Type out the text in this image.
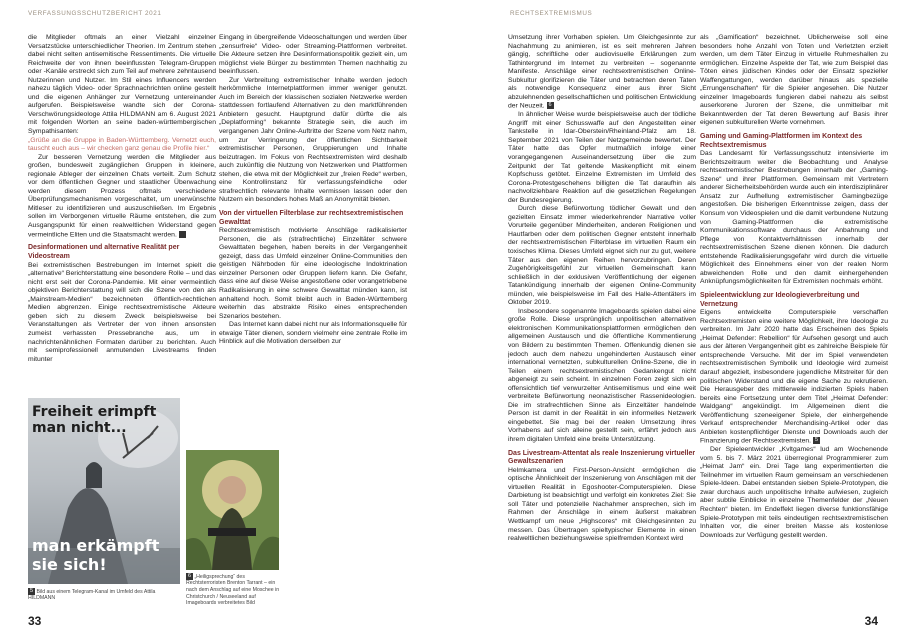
VERFASSUNGSSCHUTZBERICHT 2021

die Mitglieder oftmals an einer Vielzahl einzelner Versatzstücke unterschiedlicher Theorien. Im Zentrum stehen dabei nicht selten antisemitische Ressentiments. Die virtuelle Reichweite der von ihnen beeinflussten Telegram-Gruppen oder -Kanäle erstreckt sich zum Teil auf mehrere zehntausend Nutzerinnen und Nutzer. Im Stil eines Influencers werden nahezu täglich Video- oder Sprachnachrichten online gestellt und die eigenen Anhänger zur Vernetzung untereinander aufgerufen. Beispielsweise wandte sich der Corona-Verschwörungsideologe Attila HILDMANN am 6. August 2021 mit folgenden Worten an seine baden-württembergischen Sympathisanten:

„Grüße an die Gruppe in Baden-Württemberg. Vernetzt euch, tauscht euch aus – wir checken ganz genau die Profile hier.“

Zur besseren Vernetzung werden die Mitglieder aus großen, bundesweit zugänglichen Gruppen in kleinere, regionale Ableger der einzelnen Chats verteilt. Zum Schutz vor dem öffentlichen Gegner und staatlicher Überwachung werden diesem Prozess oftmals verschiedene Überprüfungsmechanismen vorgeschaltet, um unerwünschte Mitleser zu identifizieren und auszuschließen. Im Ergebnis sollen im Verborgenen virtuelle Räume entstehen, die zum Ausgangspunkt für einen realweltlichen Widerstand gegen vermeintliche Eliten und die Staatsmacht werden. 3

Desinformationen und alternative Realität per Videostream

Bei extremistischen Bestrebungen im Internet spielt die „alternative“ Berichterstattung eine besondere Rolle – und das nicht erst seit der Corona-Pandemie. Mit einer vermeintlich objektiven Berichterstattung will sich die Szene von den als „Mainstream-Medien“ bezeichneten öffentlich-rechtlichen Medien abgrenzen. Einige rechtsextremistische Akteure geben sich zu diesem Zweck beispielsweise bei Veranstaltungen als Vertreter der von ihnen ansonsten zumeist verhassten Pressebranche aus, um in nachrichtenähnlichen Formaten darüber zu berichten. Auch mit semiprofessionell anmutenden Livestreams finden mitunter

Eingang in übergreifende Videoschaltungen und werden über „zensurfreie“ Video- oder Streaming-Plattformen verbreitet. Die Akteure setzen ihre Desinformationspolitik gezielt ein, um möglichst viele Bürger zu bestimmten Themen nachhaltig zu beeinflussen.

Zur Verbreitung extremistischer Inhalte werden jedoch herkömmliche Internetplattformen immer weniger genutzt. Auch im Bereich der klassischen sozialen Netzwerke werden stattdessen fortlaufend Alternativen zu den marktführenden Anbietern gesucht. Hauptgrund dafür dürfte die als „Deplatforming“ bekannte Strategie sein, die auch im vergangenen Jahr Online-Auftritte der Szene vom Netz nahm, um zur Verringerung der öffentlichen Sichtbarkeit extremistischer Personen, Gruppierungen und Inhalte beizutragen. Im Fokus von Rechtsextremisten wird deshalb auch zukünftig die Nutzung von Netzwerken und Plattformen stehen, die etwa mit der Möglichkeit zur „freien Rede“ werben, eine Kontrollinstanz für verfassungsfeindliche oder strafrechtlich relevante Inhalte vermissen lassen oder den Nutzern ein besonders hohes Maß an Anonymität bieten.

Von der virtuellen Filterblase zur rechtsextremistischen Gewalttat

Rechtsextremistisch motivierte Anschläge radikalisierter Personen, die als (strafrechtliche) Einzeltäter schwere Gewalttaten begehen, haben bereits in der Vergangenheit gezeigt, dass das Umfeld einzelner Online-Communities den geistigen Nährboden für eine ideologische Indoktrination einzelner Personen oder Gruppen liefern kann. Die Gefahr, dass eine auf diese Weise angestoßene oder vorangetriebene Radikalisierung in eine schwere Gewalttat münden kann, ist anhaltend hoch. Somit bleibt auch in Baden-Württemberg weiterhin das abstrakte Risiko eines entsprechenden Szenarios bestehen.

Das Internet kann dabei nicht nur als Informationsquelle für etwaige Täter dienen, sondern vielmehr eine zentrale Rolle im Hinblick auf die Motivation derselben zur

Freiheit erimpft man nicht...
man erkämpft sie sich!
5 Bild aus einem Telegram-Kanal im Umfeld des Attila HILDMANN
6 „Heiligsprechung“ des Rechtsterroristen Brenton Tarrant – ein nach dem Anschlag auf eine Moschee in Christchurch / Neuseeland auf Imageboards verbreitetes Bild
33
RECHTSEXTREMISMUS

Umsetzung ihrer Vorhaben spielen. Um Gleichgesinnte zur Nachahmung zu animieren, ist es seit mehreren Jahren gängig, schriftliche oder audiovisuelle Erklärungen zum Tathintergrund im Internet zu verbreiten – sogenannte Manifeste. Anschläge einer rechtsextremistischen Online-Subkultur glorifizieren die Täter und betrachten deren Taten als notwendige Konsequenz einer aus ihrer Sicht abzulehnenden gesellschaftlichen und politischen Entwicklung der Neuzeit. 6

In ähnlicher Weise wurde beispielsweise auch der tödliche Angriff mit einer Schusswaffe auf den Angestellten einer Tankstelle in Idar-Oberstein/Rheinland-Pfalz am 18. September 2021 von Teilen der Netzgemeinde bewertet. Der Täter hatte das Opfer mutmaßlich infolge einer vorangegangenen Auseinandersetzung über die zum Zeitpunkt der Tat geltende Maskenpflicht mit einem Kopfschuss getötet. Einzelne Extremisten im Umfeld des Corona-Protestgeschehens billigten die Tat daraufhin als nachvollziehbare Reaktion auf die gesetzlichen Regelungen der Bundesregierung.

Durch diese Befürwortung tödlicher Gewalt und den gezielten Einsatz immer wiederkehrender Narrative voller Vorurteile gegenüber Minderheiten, anderen Religionen und Hautfarben oder dem politischen Gegner entsteht innerhalb der rechtsextremistischen Filterblase im virtuellen Raum ein toxisches Klima. Dieses Umfeld eignet sich nur zu gut, weitere Täter aus den eigenen Reihen hervorzubringen. Deren Zugehörigkeitsgefühl zur virtuellen Gemeinschaft kann schließlich in der exklusiven Veröffentlichung der eigenen Tatankündigung innerhalb der eigenen Online-Community münden, wie beispielsweise im Fall des Halle-Attentäters im Oktober 2019.

Insbesondere sogenannte Imageboards spielen dabei eine große Rolle. Diese ursprünglich unpolitischen alternativen elektronischen Kommunikationsplattformen ermöglichen den allgemeinen Austausch und die öffentliche Kommentierung von Bildern zu bestimmten Themen. Offenkundig dienen sie jedoch auch dem nahezu ungehinderten Austausch einer international vernetzten, subkulturellen Online-Szene, die in Teilen einem rechtsextremistischen Gedankengut nicht abgeneigt zu sein scheint. In einzelnen Foren zeigt sich ein offensichtlich tief verwurzelter Antisemitismus und eine weit verbreitete Befürwortung neonazistischer Rassenideologien. Die im strafrechtlichen Sinne als Einzeltäter handelnde Person ist damit in der Realität in ein informelles Netzwerk eingebettet. Sie mag bei der realen Umsetzung ihres Vorhabens auf sich alleine gestellt sein, erfährt jedoch aus ihrem digitalen Umfeld eine breite Unterstützung.

Das Livestream-Attentat als reale Inszenierung virtueller Gewaltszenarien

Helmkamera und First-Person-Ansicht ermöglichen die optische Ähnlichkeit der Inszenierung von Anschlägen mit der virtuellen Realität in Egoshooter-Computerspielen. Diese Darbietung ist beabsichtigt und verfolgt ein konkretes Ziel: Sie soll Täter und potenzielle Nachahmer ansprechen, sich im Rahmen der Anschläge in einem äußerst makabren Wettkampf um neue „Highscores“ mit Gleichgesinnten zu messen. Das Übertragen spieltypischer Elemente in einen realweltlichen beziehungsweise spielfremden Kontext wird

als „Gamification“ bezeichnet. Üblicherweise soll eine besonders hohe Anzahl von Toten und Verletzten erzielt werden, um dem Täter Einzug in virtuelle Ruhmeshallen zu ermöglichen. Einzelne Aspekte der Tat, wie zum Beispiel das Töten eines jüdischen Kindes oder der Einsatz spezieller Waffengattungen, werden darüber hinaus als spezielle „Errungenschaften“ für die Spieler angesehen. Die Nutzer einzelner Imageboards fungieren dabei nahezu als selbst auserkorene Juroren der Szene, die unmittelbar mit Bekanntwerden der Tat deren Bewertung auf Basis ihrer eigenen subkulturellen Werte vornehmen.

Gaming und Gaming-Plattformen im Kontext des Rechtsextremismus

Das Landesamt für Verfassungsschutz intensivierte im Berichtszeitraum weiter die Beobachtung und Analyse rechtsextremistischer Bestrebungen innerhalb der „Gaming-Szene“ und ihrer Plattformen. Gemeinsam mit Vertretern anderer Sicherheitsbehörden wurde auch ein interdisziplinärer Ansatz zur Aufhellung extremistischer Gamingbezüge angestoßen. Die bisherigen Erkenntnisse zeigen, dass der Konsum von Videospielen und die damit verbundene Nutzung von Gaming-Plattformen die extremistische Kommunikationssoftware durchaus der Anbahnung und Pflege von Kontaktverhältnissen innerhalb der rechtsextremistischen Szene dienen können. Die dadurch entstehende Radikalisierungsgefahr wird durch die virtuelle Möglichkeit des Einnehmens einer von der realen Norm abweichenden Rolle und den damit einhergehenden Anknüpfungsmöglichkeiten für Extremisten nochmals erhöht.

Spieleentwicklung zur Ideologieverbreitung und Vernetzung

Eigens entwickelte Computerspiele verschaffen Rechtsextremisten eine weitere Möglichkeit, ihre Ideologie zu verbreiten. Im Jahr 2020 hatte das Erscheinen des Spiels „Heimat Defender: Rebellion“ für Aufsehen gesorgt und auch aus der älteren Vergangenheit gibt es zahlreiche Beispiele für entsprechende Versuche. Mit der im Spiel verwendeten rechtsextremistischen Symbolik und Ideologie wird zumeist darauf abgezielt, insbesondere jugendliche Mitstreiter für den politischen Widerstand und die eigene Sache zu rekrutieren. Die Herausgeber des mittlerweile indizierten Spiels haben bereits eine Fortsetzung unter dem Titel „Heimat Defender: Waldgang“ angekündigt. Im Allgemeinen dient die Veröffentlichung szeneeigener Spiele, der einhergehende Verkauf entsprechender Merchandising-Artikel oder das Anbieten kostenpflichtiger Dienste und Downloads auch der Finanzierung der Rechtsextremisten. 5

Der Spieleentwickler „Kvltgames“ lud am Wochenende vom 5. bis 7. März 2021 überregional Programmierer zum „Heimat Jam“ ein. Drei Tage lang experimentierten die Teilnehmer im virtuellen Raum gemeinsam an verschiedenen Spiele-Ideen. Dabei entstanden sieben Spiele-Prototypen, die zwar durchaus auch unpolitische Inhalte aufwiesen, zugleich aber subtile Einblicke in einzelne Themenfelder der „Neuen Rechten“ bieten. Im Endeffekt liegen diverse funktionsfähige Spiele-Prototypen mit teils eindeutigen rechtsextremistischen Inhalten vor, die einer breiten Masse als kostenlose Downloads zur Verfügung gestellt werden.

34
